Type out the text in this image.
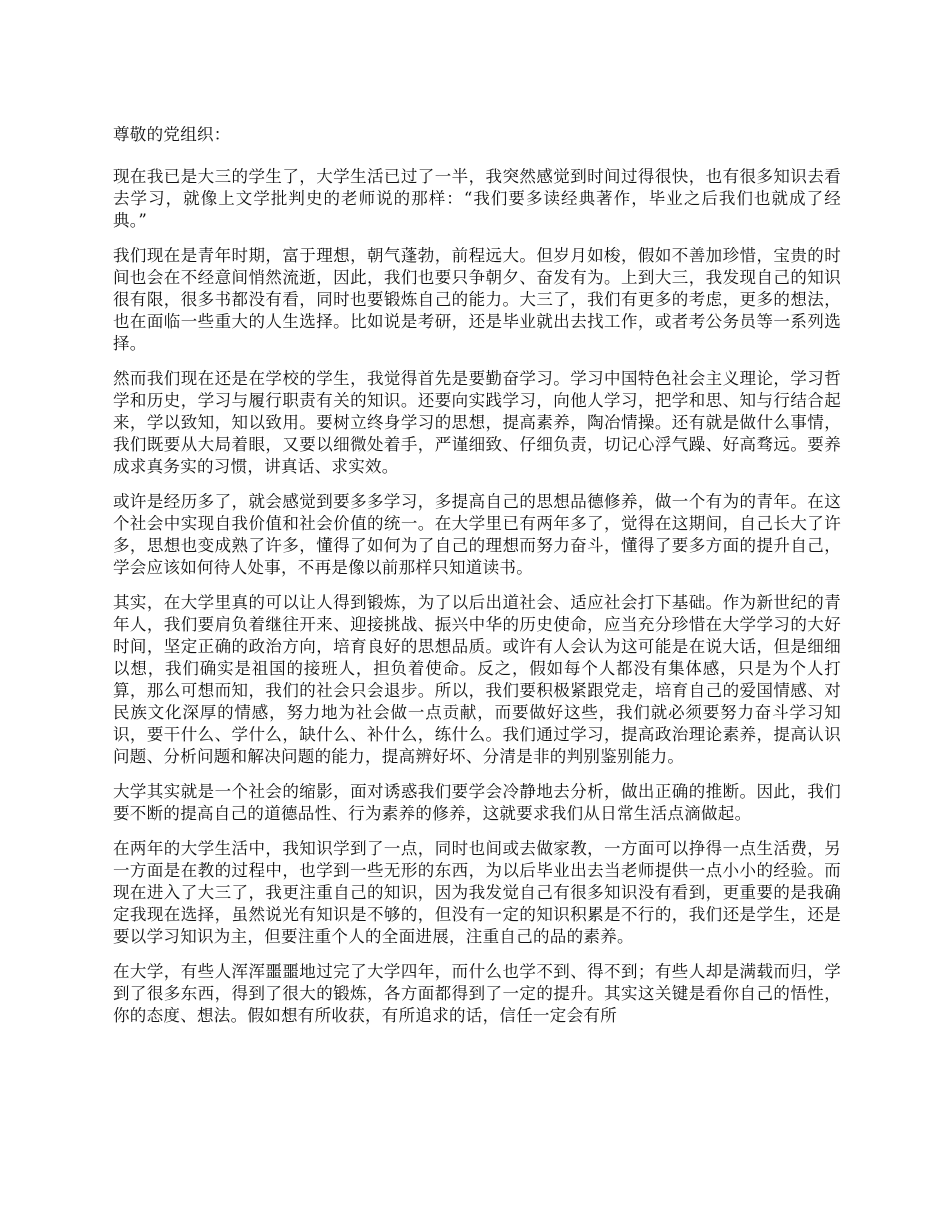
尊敬的党组织：

现在我已是大三的学生了，大学生活已过了一半，我突然感觉到时间过得很快，也有很多知识去看去学习，就像上文学批判史的老师说的那样：“我们要多读经典著作，毕业之后我们也就成了经典。”

我们现在是青年时期，富于理想，朝气蓬勃，前程远大。但岁月如梭，假如不善加珍惜，宝贵的时间也会在不经意间悄然流逝，因此，我们也要只争朝夕、奋发有为。上到大三，我发现自己的知识很有限，很多书都没有看，同时也要锻炼自己的能力。大三了，我们有更多的考虑，更多的想法，也在面临一些重大的人生选择。比如说是考研，还是毕业就出去找工作，或者考公务员等一系列选择。

然而我们现在还是在学校的学生，我觉得首先是要勤奋学习。学习中国特色社会主义理论，学习哲学和历史，学习与履行职责有关的知识。还要向实践学习，向他人学习，把学和思、知与行结合起来，学以致知，知以致用。要树立终身学习的思想，提高素养，陶冶情操。还有就是做什么事情，我们既要从大局着眼，又要以细微处着手，严谨细致、仔细负责，切记心浮气躁、好高骛远。要养成求真务实的习惯，讲真话、求实效。

或许是经历多了，就会感觉到要多多学习，多提高自己的思想品德修养，做一个有为的青年。在这个社会中实现自我价值和社会价值的统一。在大学里已有两年多了，觉得在这期间，自己长大了许多，思想也变成熟了许多，懂得了如何为了自己的理想而努力奋斗，懂得了要多方面的提升自己，学会应该如何待人处事，不再是像以前那样只知道读书。

其实，在大学里真的可以让人得到锻炼，为了以后出道社会、适应社会打下基础。作为新世纪的青年人，我们要肩负着继往开来、迎接挑战、振兴中华的历史使命，应当充分珍惜在大学学习的大好时间，坚定正确的政治方向，培育良好的思想品质。或许有人会认为这可能是在说大话，但是细细以想，我们确实是祖国的接班人，担负着使命。反之，假如每个人都没有集体感，只是为个人打算，那么可想而知，我们的社会只会退步。所以，我们要积极紧跟党走，培育自己的爱国情感、对民族文化深厚的情感，努力地为社会做一点贡献，而要做好这些，我们就必须要努力奋斗学习知识，要干什么、学什么，缺什么、补什么，练什么。我们通过学习，提高政治理论素养，提高认识问题、分析问题和解决问题的能力，提高辨好坏、分清是非的判别鉴别能力。

大学其实就是一个社会的缩影，面对诱惑我们要学会冷静地去分析，做出正确的推断。因此，我们要不断的提高自己的道德品性、行为素养的修养，这就要求我们从日常生活点滴做起。

在两年的大学生活中，我知识学到了一点，同时也间或去做家教，一方面可以挣得一点生活费，另一方面是在教的过程中，也学到一些无形的东西，为以后毕业出去当老师提供一点小小的经验。而现在进入了大三了，我更注重自己的知识，因为我发觉自己有很多知识没有看到，更重要的是我确定我现在选择，虽然说光有知识是不够的，但没有一定的知识积累是不行的，我们还是学生，还是要以学习知识为主，但要注重个人的全面进展，注重自己的品的素养。

在大学，有些人浑浑噩噩地过完了大学四年，而什么也学不到、得不到；有些人却是满载而归，学到了很多东西，得到了很大的锻炼，各方面都得到了一定的提升。其实这关键是看你自己的悟性，你的态度、想法。假如想有所收获，有所追求的话，信任一定会有所
